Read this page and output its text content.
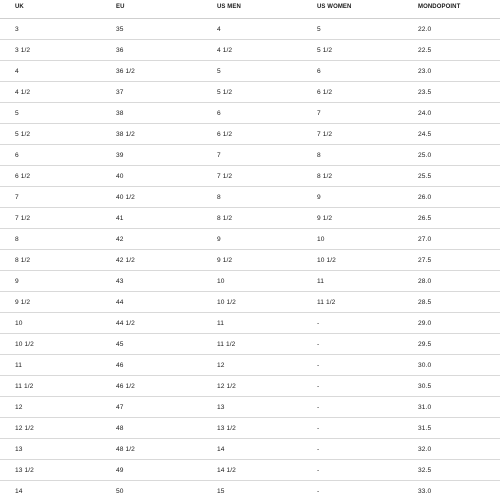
UK	EU	US MEN	US WOMEN	MONDOPOINT
3	35	4	5	22.0
3 1/2	36	4 1/2	5 1/2	22.5
4	36 1/2	5	6	23.0
4 1/2	37	5 1/2	6 1/2	23.5
5	38	6	7	24.0
5 1/2	38 1/2	6 1/2	7 1/2	24.5
6	39	7	8	25.0
6 1/2	40	7 1/2	8 1/2	25.5
7	40 1/2	8	9	26.0
7 1/2	41	8 1/2	9 1/2	26.5
8	42	9	10	27.0
8 1/2	42 1/2	9 1/2	10 1/2	27.5
9	43	10	11	28.0
9 1/2	44	10 1/2	11 1/2	28.5
10	44 1/2	11	-	29.0
10 1/2	45	11 1/2	-	29.5
11	46	12	-	30.0
11 1/2	46 1/2	12 1/2	-	30.5
12	47	13	-	31.0
12 1/2	48	13 1/2	-	31.5
13	48 1/2	14	-	32.0
13 1/2	49	14 1/2	-	32.5
14	50	15	-	33.0
